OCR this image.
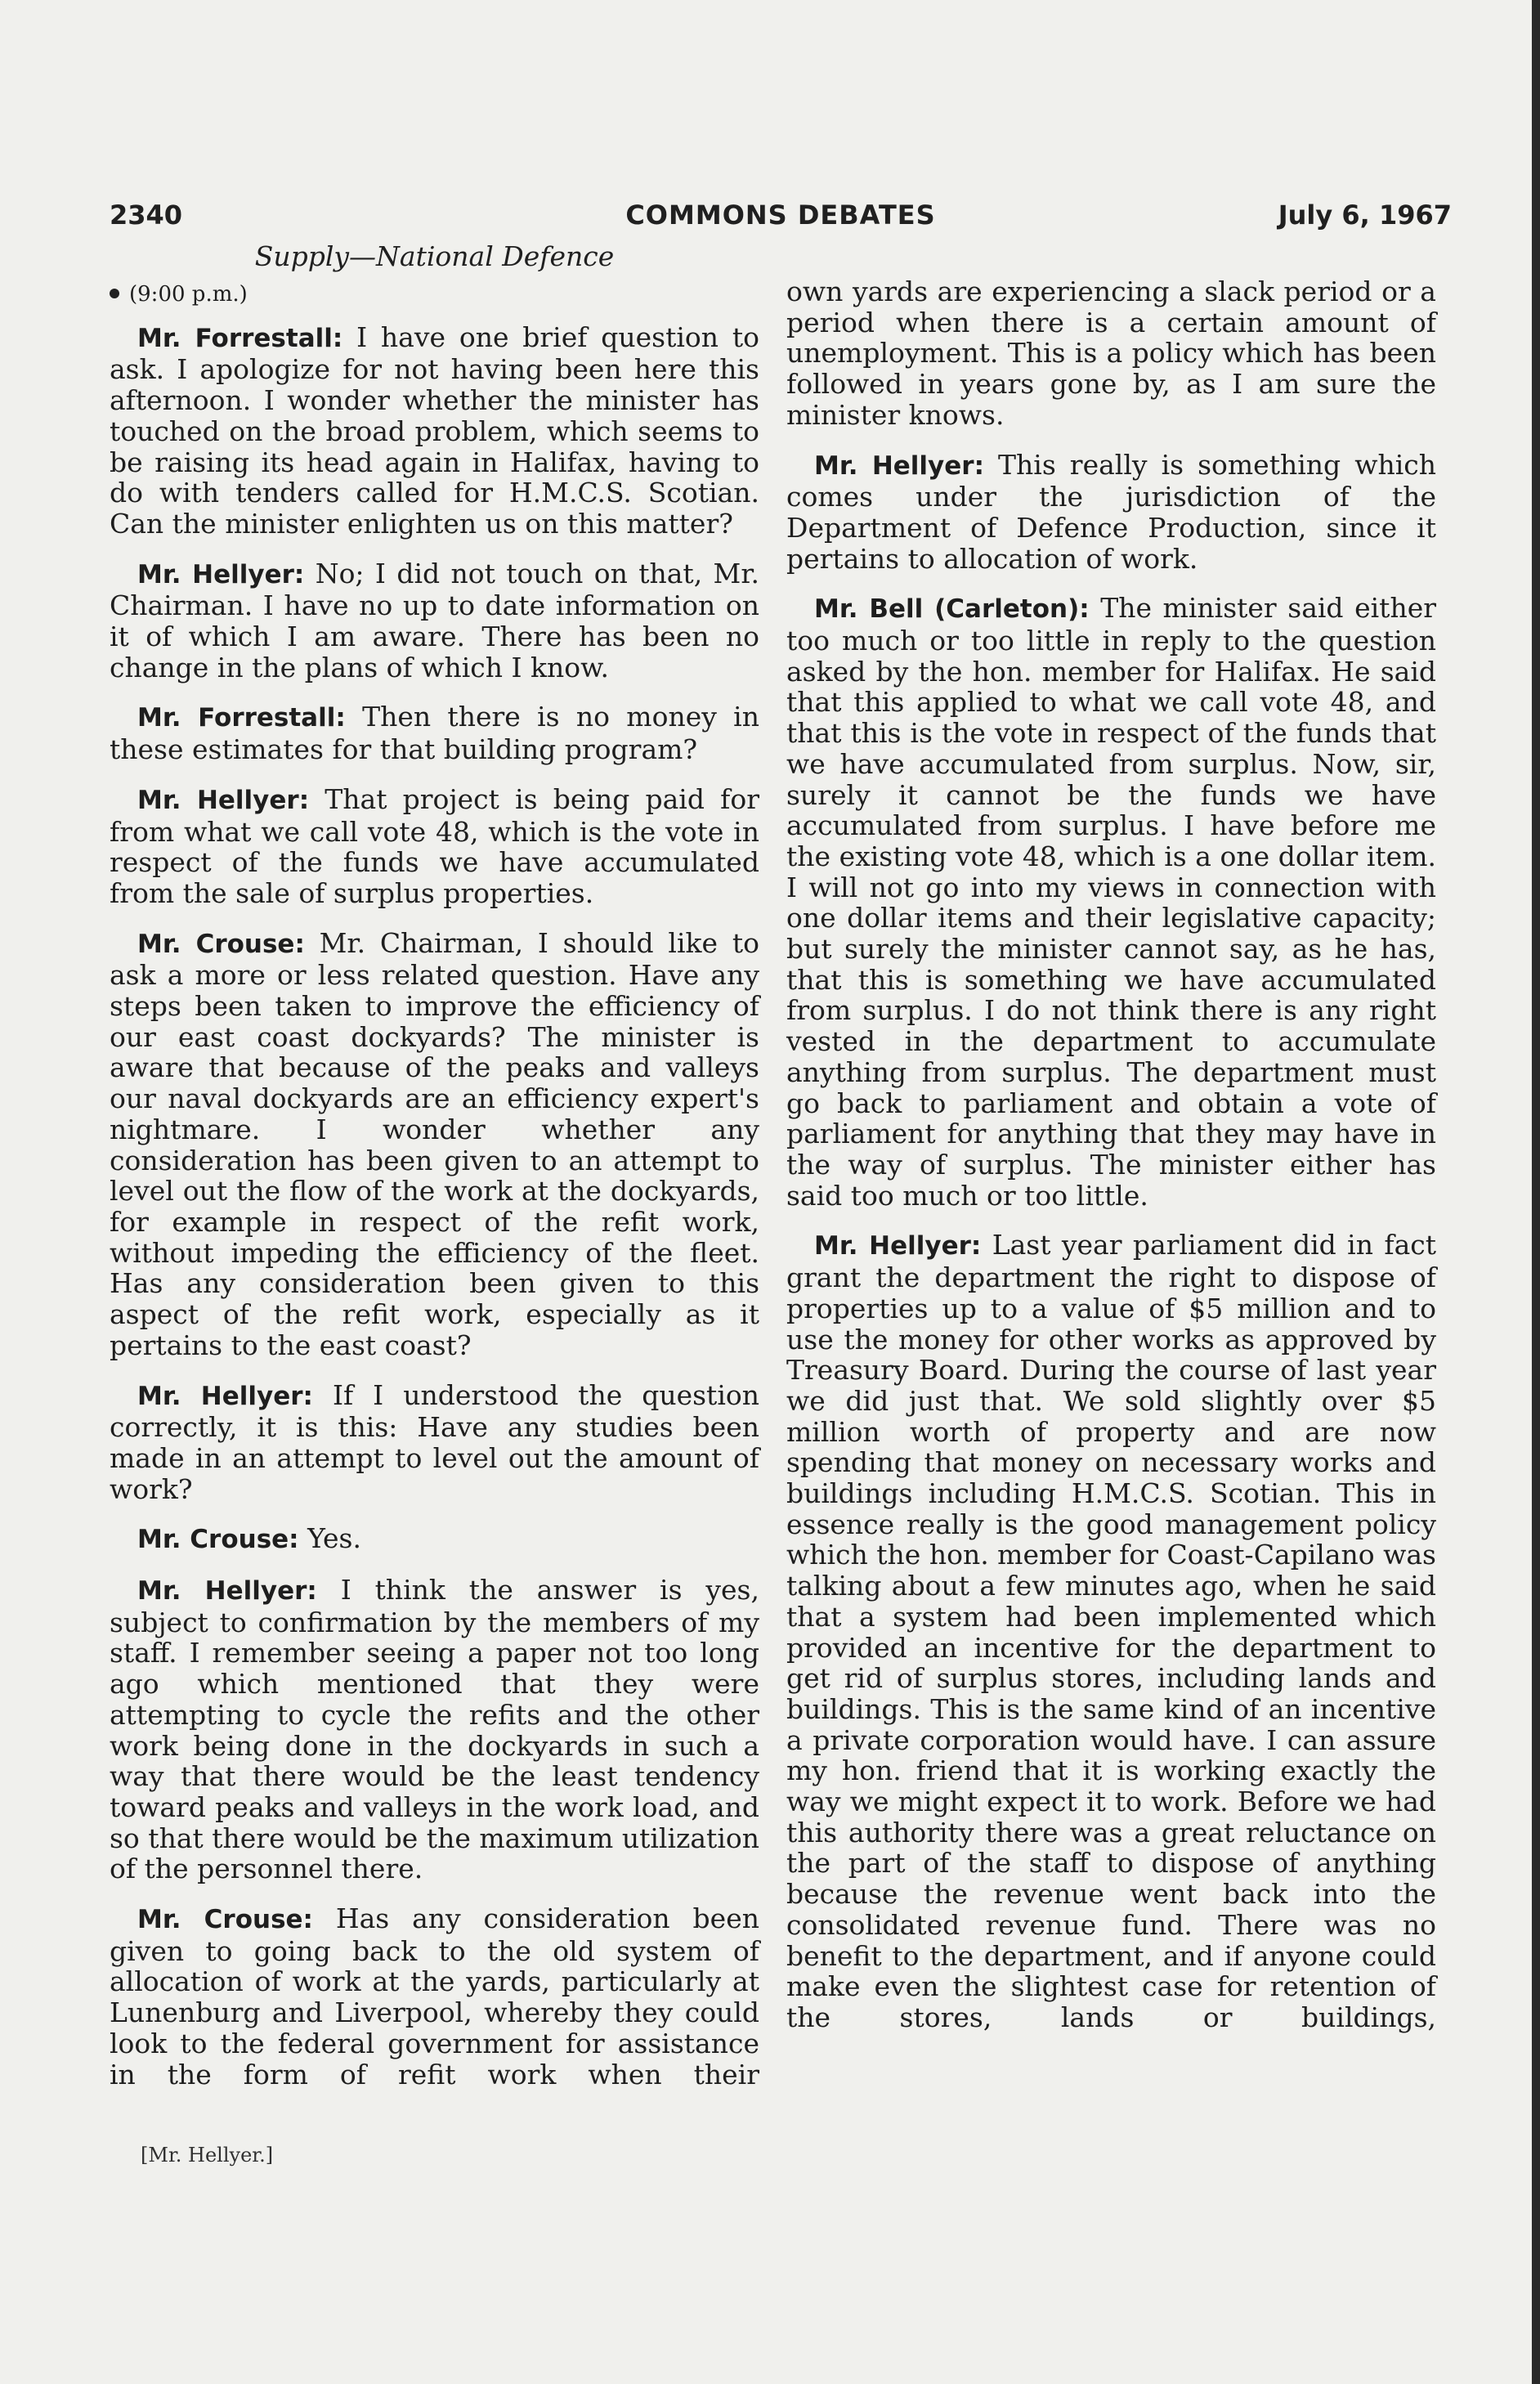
2340	COMMONS DEBATES	July 6, 1967
Supply—National Defence
(9:00 p.m.)

Mr. Forrestall: I have one brief question to ask. I apologize for not having been here this afternoon. I wonder whether the minister has touched on the broad problem, which seems to be raising its head again in Halifax, having to do with tenders called for H.M.C.S. Scotian. Can the minister enlighten us on this matter?

Mr. Hellyer: No; I did not touch on that, Mr. Chairman. I have no up to date information on it of which I am aware. There has been no change in the plans of which I know.

Mr. Forrestall: Then there is no money in these estimates for that building program?

Mr. Hellyer: That project is being paid for from what we call vote 48, which is the vote in respect of the funds we have accumulated from the sale of surplus properties.

Mr. Crouse: Mr. Chairman, I should like to ask a more or less related question. Have any steps been taken to improve the efficiency of our east coast dockyards? The minister is aware that because of the peaks and valleys our naval dockyards are an efficiency expert's nightmare. I wonder whether any consideration has been given to an attempt to level out the flow of the work at the dockyards, for example in respect of the refit work, without impeding the efficiency of the fleet. Has any consideration been given to this aspect of the refit work, especially as it pertains to the east coast?

Mr. Hellyer: If I understood the question correctly, it is this: Have any studies been made in an attempt to level out the amount of work?

Mr. Crouse: Yes.

Mr. Hellyer: I think the answer is yes, subject to confirmation by the members of my staff. I remember seeing a paper not too long ago which mentioned that they were attempting to cycle the refits and the other work being done in the dockyards in such a way that there would be the least tendency toward peaks and valleys in the work load, and so that there would be the maximum utilization of the personnel there.

Mr. Crouse: Has any consideration been given to going back to the old system of allocation of work at the yards, particularly at Lunenburg and Liverpool, whereby they could look to the federal government for assistance in the form of refit work when their

own yards are experiencing a slack period or a period when there is a certain amount of unemployment. This is a policy which has been followed in years gone by, as I am sure the minister knows.

Mr. Hellyer: This really is something which comes under the jurisdiction of the Department of Defence Production, since it pertains to allocation of work.

Mr. Bell (Carleton): The minister said either too much or too little in reply to the question asked by the hon. member for Halifax. He said that this applied to what we call vote 48, and that this is the vote in respect of the funds that we have accumulated from surplus. Now, sir, surely it cannot be the funds we have accumulated from surplus. I have before me the existing vote 48, which is a one dollar item. I will not go into my views in connection with one dollar items and their legislative capacity; but surely the minister cannot say, as he has, that this is something we have accumulated from surplus. I do not think there is any right vested in the department to accumulate anything from surplus. The department must go back to parliament and obtain a vote of parliament for anything that they may have in the way of surplus. The minister either has said too much or too little.

Mr. Hellyer: Last year parliament did in fact grant the department the right to dispose of properties up to a value of $5 million and to use the money for other works as approved by Treasury Board. During the course of last year we did just that. We sold slightly over $5 million worth of property and are now spending that money on necessary works and buildings including H.M.C.S. Scotian. This in essence really is the good management policy which the hon. member for Coast-Capilano was talking about a few minutes ago, when he said that a system had been implemented which provided an incentive for the department to get rid of surplus stores, including lands and buildings. This is the same kind of an incentive a private corporation would have. I can assure my hon. friend that it is working exactly the way we might expect it to work. Before we had this authority there was a great reluctance on the part of the staff to dispose of anything because the revenue went back into the consolidated revenue fund. There was no benefit to the department, and if anyone could make even the slightest case for retention of the stores, lands or buildings,

[Mr. Hellyer.]
